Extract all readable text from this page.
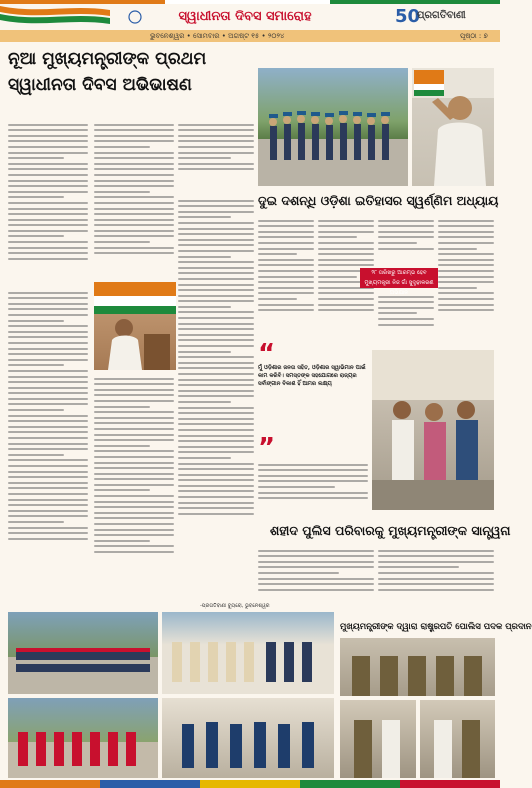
ସ୍ୱାଧୀନତା ଦିବସ ସମାରୋହ	50
ପ୍ରଗତିବାଣୀ
ଭୁବନେଶ୍ୱର • ସୋମବାର • ଅଗଷ୍ଟ ୧୫ • ୨୦୨୪	ପୃଷ୍ଠା : ୭
ନୂଆ ମୁଖ୍ୟମନ୍ତ୍ରୀଙ୍କ ପ୍ରଥମ
ସ୍ୱାଧୀନତା ଦିବସ ଅଭିଭାଷଣ
-ପ୍ରଗତିବାଣୀ ବ୍ୟୁରୋ, ଭୁବନେଶ୍ୱର
ଦୁଇ ଦଶନ୍ଧି ଓଡ଼ିଶା ଇତିହାସର ସ୍ୱର୍ଣ୍ଣିମ ଅଧ୍ୟାୟ
୨୮ ତାରିଖରୁ ଆରମ୍ଭ ହେବ ମୁଖ୍ୟମନ୍ତ୍ରୀ ନିଜ ଗାଁ ସୁଦୃଢ଼ୀକରଣ ଅଭିଯାନ
“
ମୁଁ ଓଡ଼ିଶାର ଜନତା ସହିତ, ଓଡ଼ିଶାର ସ୍ୱାଭିମାନ ପାଇଁ କାମ କରିବି। ସମସ୍ତଙ୍କ ସହଯୋଗରେ ରାଜ୍ୟର ସର୍ବାଙ୍ଗୀନ ବିକାଶ ହିଁ ଆମର ଲକ୍ଷ୍ୟ
”
ଶହୀଦ ପୁଲିସ ପରିବାରକୁ ମୁଖ୍ୟମନ୍ତ୍ରୀଙ୍କ ସାନ୍ତ୍ୱନା
ମୁଖ୍ୟମନ୍ତ୍ରୀଙ୍କ ଦ୍ୱାରା ରାଷ୍ଟ୍ରପତି ପୋଲିସ ପଦକ ପ୍ରଦାନ
